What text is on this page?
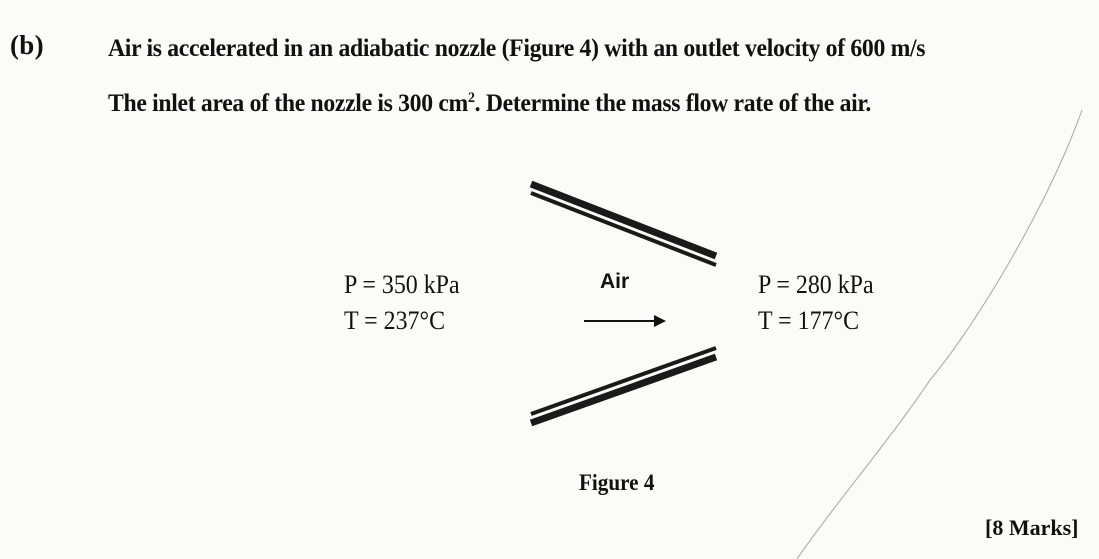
(b)	Air is accelerated in an adiabatic nozzle (Figure 4) with an outlet velocity of 600 m/s
The inlet area of the nozzle is 300 $cm^2$. Determine the mass flow rate of the air.
P = 350 kPa
T = 237°C
Air	P = 280 kPa
T = 177°C
Figure 4
[8 Marks]
